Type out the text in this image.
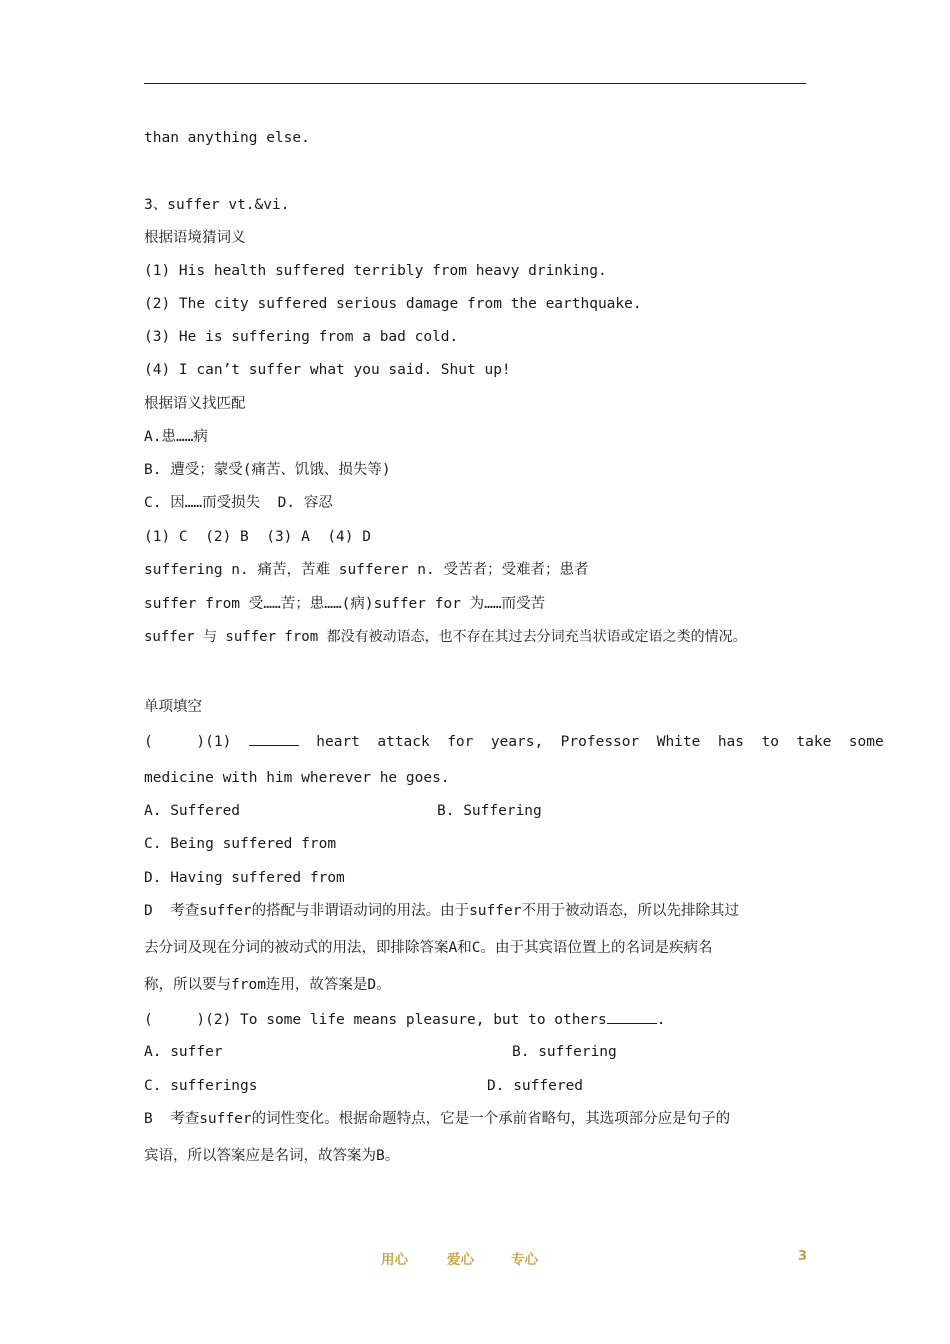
than anything else.
3、suffer vt.&vi.
根据语境猜词义
(1) His health suffered terribly from heavy drinking.
(2) The city suffered serious damage from the earthquake.
(3) He is suffering from a bad cold.
(4) I can’t suffer what you said. Shut up!
根据语义找匹配
A.患……病
B. 遭受；蒙受(痛苦、饥饿、损失等)
C. 因……而受损失  D. 容忍
(1) C  (2) B  (3) A  (4) D
suffering n. 痛苦，苦难 sufferer n. 受苦者；受难者；患者
suffer from 受……苦；患……(病)suffer for 为……而受苦
suffer 与 suffer from 都没有被动语态，也不存在其过去分词充当状语或定语之类的情况。
单项填空
(     )(1)	heart  attack  for  years,  Professor  White  has  to  take  some
medicine with him wherever he goes.
A. Suffered	B. Suffering
C. Being suffered from
D. Having suffered from
D  考查suffer的搭配与非谓语动词的用法。由于suffer不用于被动语态，所以先排除其过
去分词及现在分词的被动式的用法，即排除答案A和C。由于其宾语位置上的名词是疾病名
称，所以要与from连用，故答案是D。
(     )(2) To some life means pleasure, but to others	.
A. suffer	B. suffering
C. sufferings	D. suffered
B  考查suffer的词性变化。根据命题特点，它是一个承前省略句，其选项部分应是句子的
宾语，所以答案应是名词，故答案为B。
用心	爱心	专心	3
